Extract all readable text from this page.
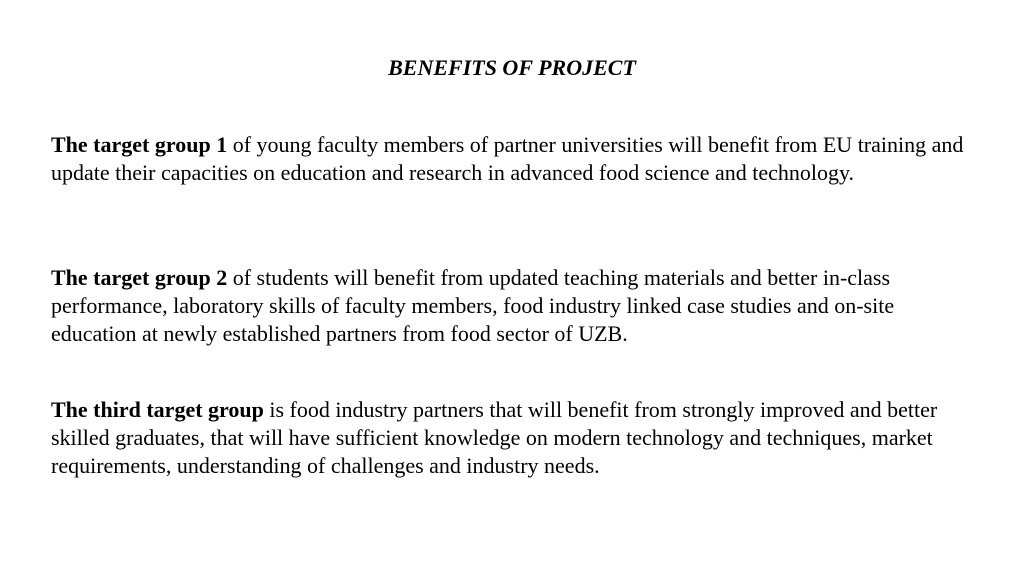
BENEFITS OF PROJECT

The target group 1 of young faculty members of partner universities will benefit from EU training and update their capacities on education and research in advanced food science and technology.

The target group 2 of students will benefit from updated teaching materials and better in-class performance, laboratory skills of faculty members, food industry linked case studies and on-site education at newly established partners from food sector of UZB.

The third target group is food industry partners that will benefit from strongly improved and better skilled graduates, that will have sufficient knowledge on modern technology and techniques, market requirements, understanding of challenges and industry needs.
